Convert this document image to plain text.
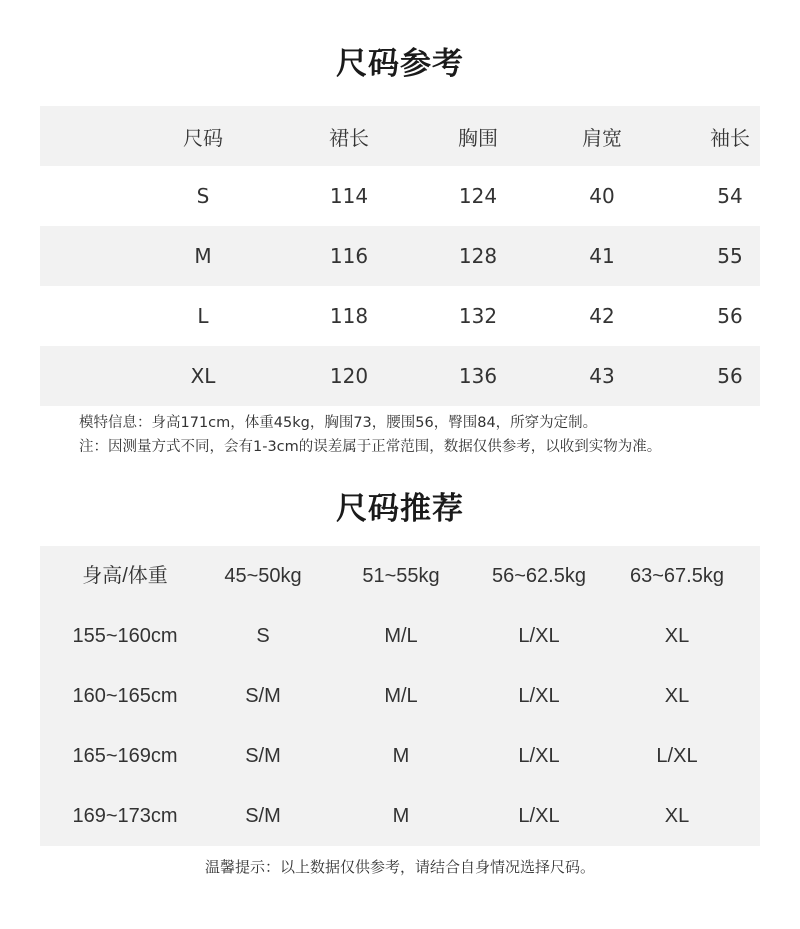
尺码参考
尺码	裙长	胸围	肩宽	袖长
S	114	124	40	54
M	116	128	41	55
L	118	132	42	56
XL	120	136	43	56
模特信息：身高171cm，体重45kg，胸围73，腰围56，臀围84，所穿为定制。
注：因测量方式不同，会有1-3cm的误差属于正常范围，数据仅供参考，以收到实物为准。
尺码推荐
身高/体重	45~50kg	51~55kg	56~62.5kg	63~67.5kg
155~160cm	S	M/L	L/XL	XL
160~165cm	S/M	M/L	L/XL	XL
165~169cm	S/M	M	L/XL	L/XL
169~173cm	S/M	M	L/XL	XL
温馨提示：以上数据仅供参考，请结合自身情况选择尺码。
